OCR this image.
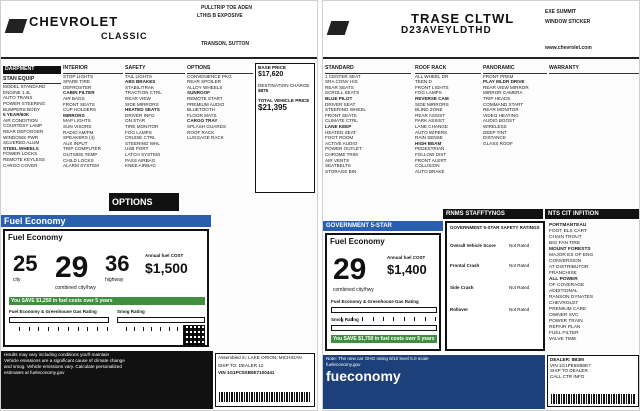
CHEVROLET
PULLTRIP TOE ADEN
LTHIS B EXPOSIVE
TRANSON, SUTTON
CLASSIC
DARPMENT
STAN EQUIP
MODEL STANDARD
ENGINE 1.4L
AUTO TRANS
POWER STEERING
BUMPERS BODY
5 YEAR/60K
AIR CONDITION
COURTESY LAMP
REAR DEFOGGER
WINDOWS PWR
SILVERED ALUM
STEEL WHEELS
POWER LOCKS
REMOTE KEYLESS
CARGO COVER
INTERIOR
STOP LIGHTS
SPARE TIRE
DEFROSTER
CABIN FILTER
AIR BAGS
FRONT SEATS
CUP HOLDERS
MIRRORS
MAP LIGHTS
SUN VISORS
RADIO AM/FM
SPEAKERS (4)
AUX INPUT
TRIP COMPUTER
OUTSIDE TEMP
CHILD LOCKS
ALARM SYSTEM
SAFETY
TAIL LIGHTS
ABS BRAKES
STABILITRAK
TRACTION CTRL
REAR VIEW
SIDE MIRRORS
HEATED SEATS
DRIVER INFO
ON STAR
TIRE MONITOR
FOG LAMPS
CRUISE CTRL
STEERING WHL
USB PORT
LATCH SYSTEM
PASS AIRBAG
KNEE AIRBAG
OPTIONS
CONVENIENCE PKG
REAR SPOILER
ALLOY WHEELS
SUNROOF
REMOTE START
PREMIUM AUDIO
BLUETOOTH
FLOOR MATS
CARGO TRAY
SPLASH GUARDS
ROOF RACK
LUGGAGE RACK
OPTIONS
BASE PRICE
$17,620
DESTINATION CHARGE
$875
TOTAL VEHICLE PRICE
$21,395
Fuel Economy
Fuel Economy
25
city 29
combined city/hwy
36
highway
Annual fuel COST
$1,500
You SAVE $1,250 in fuel costs over 5 years
Fuel Economy & Greenhouse Gas Rating	Smog Rating

results may vary including conditions you'll maintain

Vehicle emissions are a significant cause of climate change

and smog. Vehicle emissions vary. Calculate personalized

estimates at fueleconomy.gov

Assembled in: LAKE ORION, MICHIGAN
SHIP TO: DEALER 12
VIN 1G1PC5SB0E7100441
TRASE CLTWL
D23AVEYLDTHD
EXE SUMMIT
WINDOW STICKER
www.chevrolet.com
STANDARD
1 CENTER SEAT
SRA CONV HIS
REAR SEATS
SCROLL SEATS
BLUE PILOT
DRIVER SEAT
STEERING WHEEL
FRONT SEATS
CLIMATE CTRL
LANE KEEP
HEATED SEAT
FOOT ROOM
ACTIVE AUDIO
POWER OUTLET
CHROME TRIM
AIR VENTS
SEATBELTS
STORAGE BIN
ROOF RACK
ALL WHEEL DR
TEEN D
FRONT LIGHTS
FOG LAMPS
REVERSE CAM
SIDE MIRRORS
BLIND ZONE
REAR ASSIST
PARK ASSIST
LANE CHANGE
AUTO WIPERS
RAIN SENSE
HIGH BEAM
PEDESTRIAN
FOLLOW DIST
FRONT ALERT
COLLISION
AUTO BRAKE
PANORAMIC
FRONT PREM
PLAY MLDR DRIVE
REAR VIEW MIRROR
MIRROR CAMERA
TRIP HEADS
COMMAND START
REAR MONITOR
VIDEO HEATING
AUDIO BOOST
WIRELESS
DEEP TINT
DISTANCE
GLASS ROOF
WARRANTY
RNMS STAFFTYNGS	NTS CIT INFITION
GOVERNMENT 5-STAR
Fuel Economy
29
combined city/hwy
Annual fuel COST
$1,400
Fuel Economy & Greenhouse Gas Rating
Smog Rating
You SAVE $1,750 in fuel costs over 5 years
GOVERNMENT 5-STAR SAFETY RATINGS
Overall Vehicle Score	Not Rated
Frontal Crash	Not Rated
Side Crash	Not Rated
Rollover	Not Rated
PORTMANTEAU
FOOT ELS CART
CHAIN TROUT
BIG FAN TIRE
MOUNT FORESTS
MAJOR ES OF ENG
CONVERSION
AT DISTRIBUTOR
FRANCHISE
ALL POWER
OF COVERAGE
ADDITIONAL
RANSON DYNATES
CHEVROLET
PREMIUM CARE
OWNER SVC
POWER TRAIN
REPAIR PLAN
FUEL FILTER
VALVE TIME

Note: The new car GHG rating 8/10 level 5.0 scale

fueleconomy.gov

fueconomy

DEALER: 8B3M
VIN 1G1PE5SB8E7
SHIP TO DEALER
CALL CTR INFO
